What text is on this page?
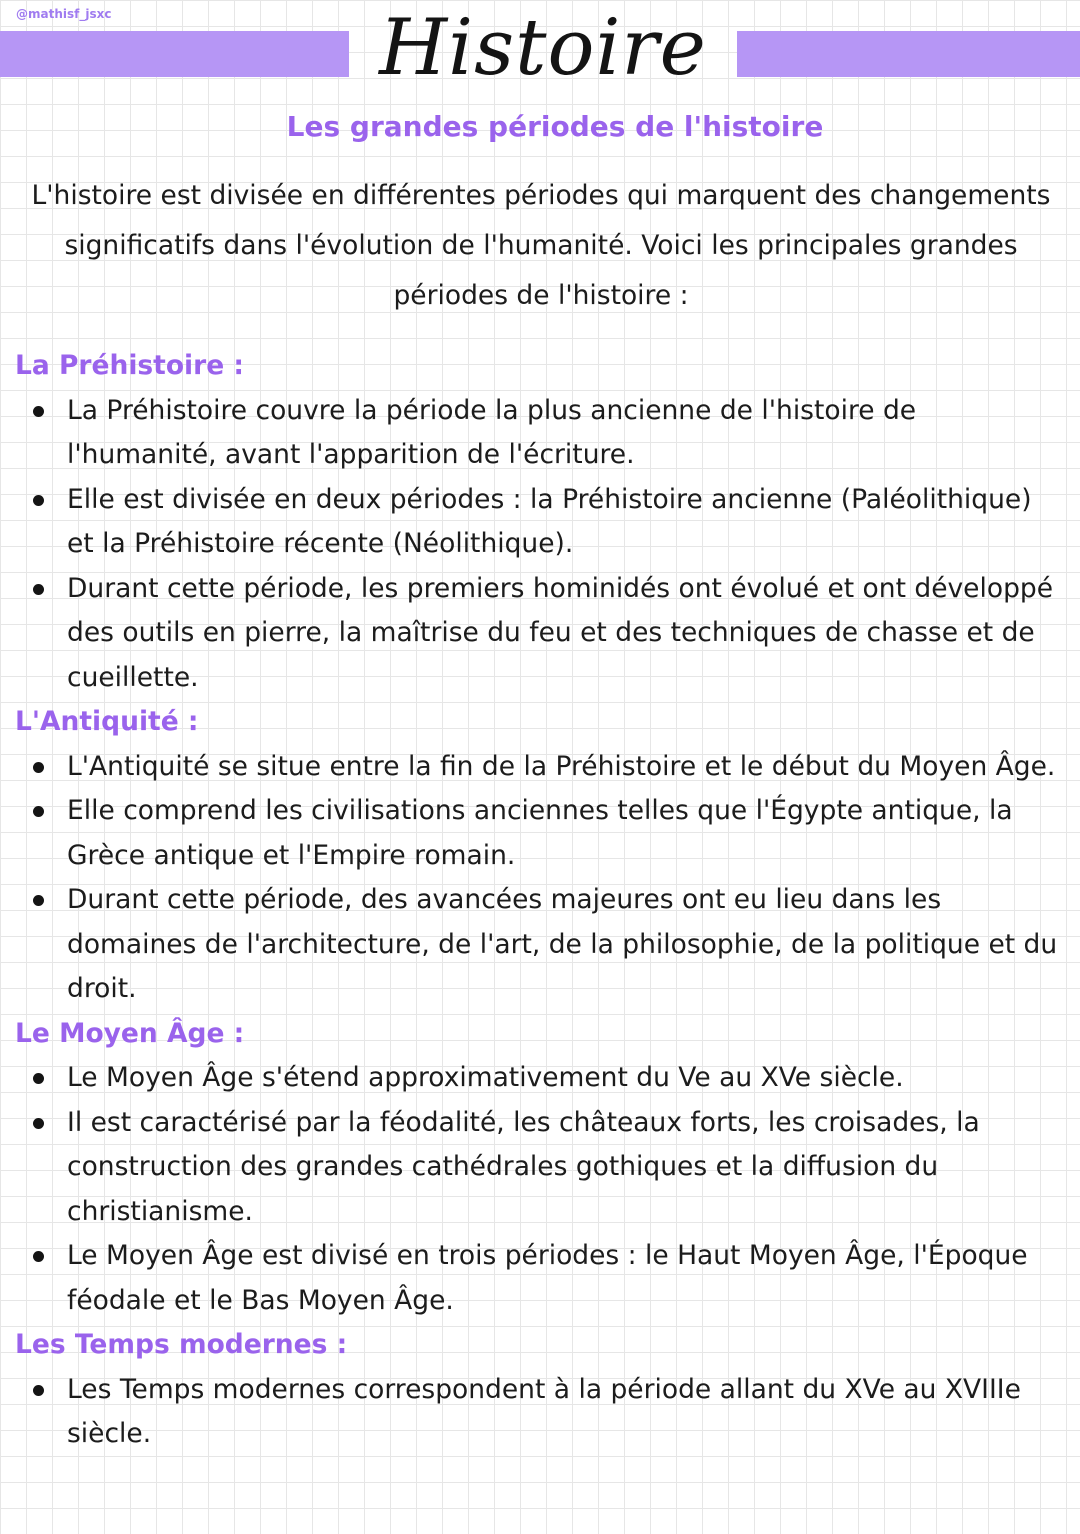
@mathisf_jsxc	Histoire
Les grandes périodes de l'histoire

L'histoire est divisée en différentes périodes qui marquent des changements significatifs dans l'évolution de l'humanité. Voici les principales grandes périodes de l'histoire :

La Préhistoire :
La Préhistoire couvre la période la plus ancienne de l'histoire de l'humanité, avant l'apparition de l'écriture.
Elle est divisée en deux périodes : la Préhistoire ancienne (Paléolithique) et la Préhistoire récente (Néolithique).
Durant cette période, les premiers hominidés ont évolué et ont développé des outils en pierre, la maîtrise du feu et des techniques de chasse et de cueillette.
L'Antiquité :
L'Antiquité se situe entre la fin de la Préhistoire et le début du Moyen Âge.
Elle comprend les civilisations anciennes telles que l'Égypte antique, la Grèce antique et l'Empire romain.
Durant cette période, des avancées majeures ont eu lieu dans les domaines de l'architecture, de l'art, de la philosophie, de la politique et du droit.
Le Moyen Âge :
Le Moyen Âge s'étend approximativement du Ve au XVe siècle.
Il est caractérisé par la féodalité, les châteaux forts, les croisades, la construction des grandes cathédrales gothiques et la diffusion du christianisme.
Le Moyen Âge est divisé en trois périodes : le Haut Moyen Âge, l'Époque féodale et le Bas Moyen Âge.
Les Temps modernes :
Les Temps modernes correspondent à la période allant du XVe au XVIIIe siècle.
